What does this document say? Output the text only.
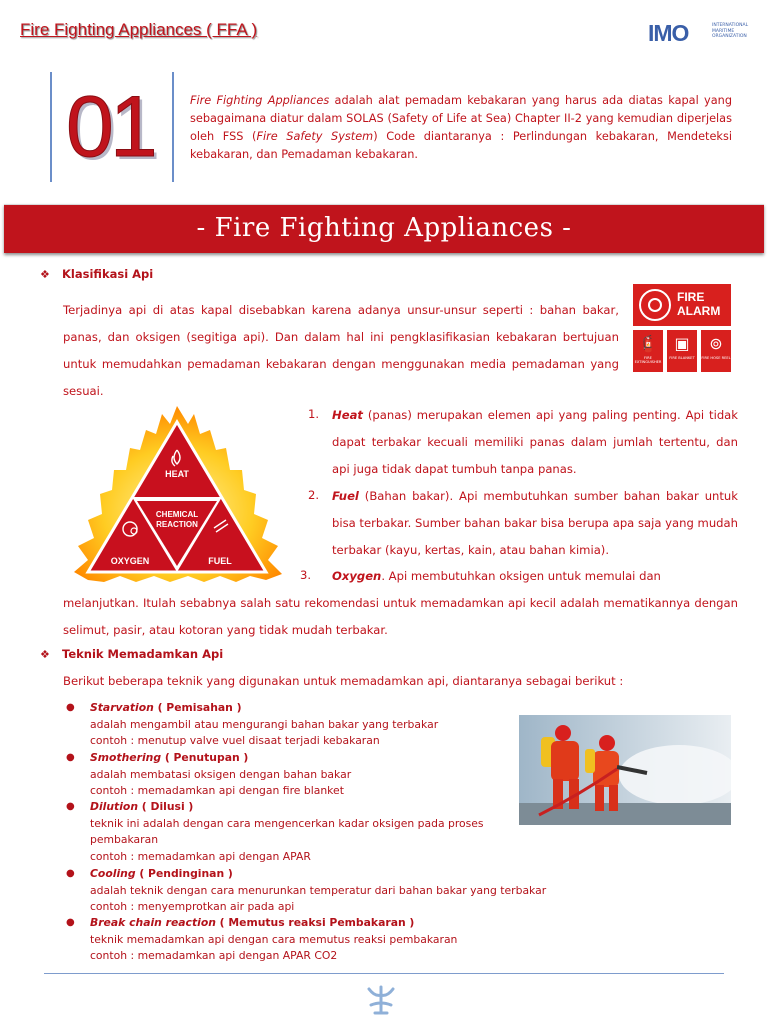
Fire Fighting Appliances ( FFA )	IMO	INTERNATIONAL
MARITIME
ORGANIZATION
01	Fire Fighting Appliances adalah alat pemadam kebakaran yang harus ada diatas kapal yang sebagaimana diatur dalam SOLAS (Safety of Life at Sea) Chapter II-2 yang kemudian diperjelas oleh FSS (Fire Safety System) Code diantaranya : Perlindungan kebakaran, Mendeteksi kebakaran, dan Pemadaman kebakaran.
- Fire Fighting Appliances -
❖ Klasifikasi Api
Terjadinya api di atas kapal disebabkan karena adanya unsur-unsur seperti : bahan bakar, panas, dan oksigen (segitiga api). Dan dalam hal ini pengklasifikasian kebakaran bertujuan untuk memudahkan pemadaman kebakaran dengan menggunakan media pemadaman yang sesuai.
FIRE
ALARM
🧯
FIRE EXTINGUISHER
▣
FIRE BLANKET
⊚
FIRE HOSE REEL
HEAT
CHEMICAL
REACTION
OXYGEN	FUEL
1. Heat (panas) merupakan elemen api yang paling penting. Api tidak dapat terbakar kecuali memiliki panas dalam jumlah tertentu, dan api juga tidak dapat tumbuh tanpa panas.
2. Fuel (Bahan bakar). Api membutuhkan sumber bahan bakar untuk bisa terbakar. Sumber bahan bakar bisa berupa apa saja yang mudah terbakar (kayu, kertas, kain, atau bahan kimia).
3. Oxygen. Api membutuhkan oksigen untuk memulai dan
melanjutkan. Itulah sebabnya salah satu rekomendasi untuk memadamkan api kecil adalah mematikannya dengan selimut, pasir, atau kotoran yang tidak mudah terbakar.
❖ Teknik Memadamkan Api
Berikut beberapa teknik yang digunakan untuk memadamkan api, diantaranya sebagai berikut :
● Starvation ( Pemisahan )
adalah mengambil atau mengurangi bahan bakar yang terbakar
contoh : menutup valve vuel disaat terjadi kebakaran
● Smothering ( Penutupan )
adalah membatasi oksigen dengan bahan bakar
contoh : memadamkan api dengan fire blanket
● Dilution ( Dilusi )
teknik ini adalah dengan cara mengencerkan kadar oksigen pada proses
pembakaran
contoh : memadamkan api dengan APAR
● Cooling ( Pendinginan )
adalah teknik dengan cara menurunkan temperatur dari bahan bakar yang terbakar
contoh : menyemprotkan air pada api
● Break chain reaction ( Memutus reaksi Pembakaran )
teknik memadamkan api dengan cara memutus reaksi pembakaran
contoh : memadamkan api dengan APAR CO2
